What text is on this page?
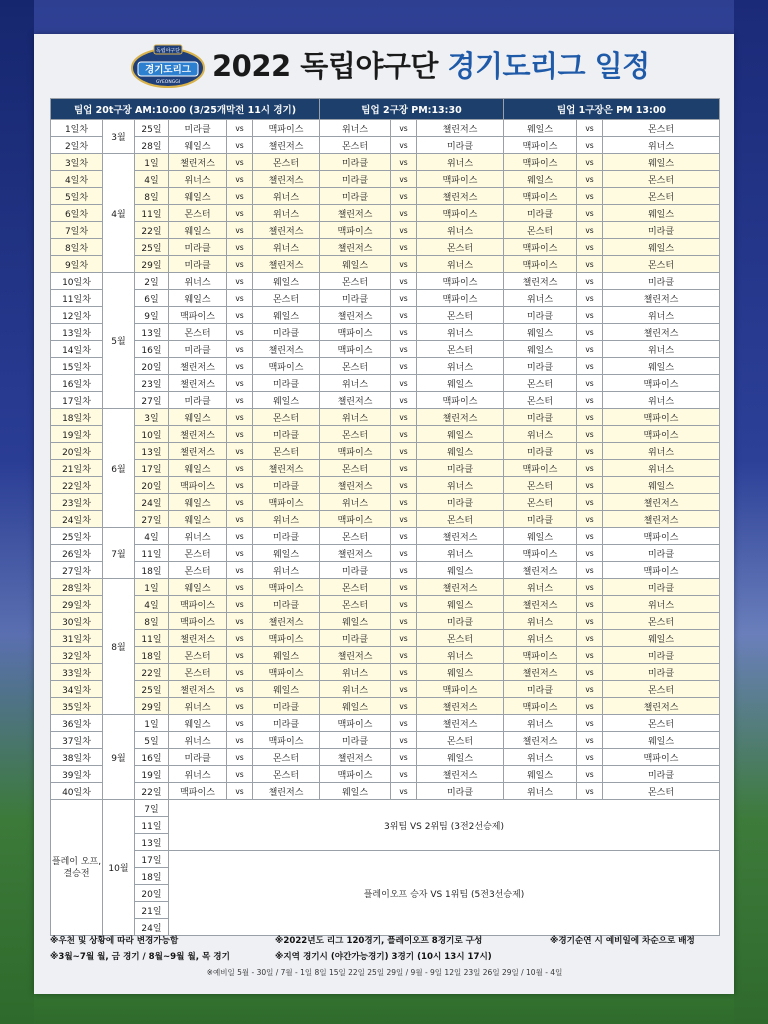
독립야구단
경기도리그
GYEONGGI 2022 독립야구단 경기도리그 일정
팀업 20t구장 AM:10:00 (3/25개막전 11시 경기)						팀업 2구장 PM:13:30			팀업 1구장은 PM 13:00		
1일차	3월	25일	미라클	vs	맥파이스	위너스	vs	챌린저스	웨일스	vs	몬스터
2일차		28일	웨일스	vs	챌린저스	몬스터	vs	미라클	맥파이스	vs	위너스
3일차	4월	1일	챌린저스	vs	몬스터	미라클	vs	위너스	맥파이스	vs	웨일스
4일차		4일	위너스	vs	챌린저스	미라클	vs	맥파이스	웨일스	vs	몬스터
5일차		8일	웨일스	vs	위너스	미라클	vs	챌린저스	맥파이스	vs	몬스터
6일차		11일	몬스터	vs	위너스	챌린저스	vs	맥파이스	미라클	vs	웨일스
7일차		22일	웨일스	vs	챌린저스	맥파이스	vs	위너스	몬스터	vs	미라클
8일차		25일	미라클	vs	위너스	챌린저스	vs	몬스터	맥파이스	vs	웨일스
9일차		29일	미라클	vs	챌린저스	웨일스	vs	위너스	맥파이스	vs	몬스터
10일차	5월	2일	위너스	vs	웨일스	몬스터	vs	맥파이스	챌린저스	vs	미라클
11일차		6일	웨일스	vs	몬스터	미라클	vs	맥파이스	위너스	vs	챌린저스
12일차		9일	맥파이스	vs	웨일스	챌린저스	vs	몬스터	미라클	vs	위너스
13일차		13일	몬스터	vs	미라클	맥파이스	vs	위너스	웨일스	vs	챌린저스
14일차		16일	미라클	vs	챌린저스	맥파이스	vs	몬스터	웨일스	vs	위너스
15일차		20일	챌린저스	vs	맥파이스	몬스터	vs	위너스	미라클	vs	웨일스
16일차		23일	챌린저스	vs	미라클	위너스	vs	웨일스	몬스터	vs	맥파이스
17일차		27일	미라클	vs	웨일스	챌린저스	vs	맥파이스	몬스터	vs	위너스
18일차	6월	3일	웨일스	vs	몬스터	위너스	vs	챌린저스	미라클	vs	맥파이스
19일차		10일	챌린저스	vs	미라클	몬스터	vs	웨일스	위너스	vs	맥파이스
20일차		13일	챌린저스	vs	몬스터	맥파이스	vs	웨일스	미라클	vs	위너스
21일차		17일	웨일스	vs	챌린저스	몬스터	vs	미라클	맥파이스	vs	위너스
22일차		20일	맥파이스	vs	미라클	챌린저스	vs	위너스	몬스터	vs	웨일스
23일차		24일	웨일스	vs	맥파이스	위너스	vs	미라클	몬스터	vs	챌린저스
24일차		27일	웨일스	vs	위너스	맥파이스	vs	몬스터	미라클	vs	챌린저스
25일차	7월	4일	위너스	vs	미라클	몬스터	vs	챌린저스	웨일스	vs	맥파이스
26일차		11일	몬스터	vs	웨일스	챌린저스	vs	위너스	맥파이스	vs	미라클
27일차		18일	몬스터	vs	위너스	미라클	vs	웨일스	챌린저스	vs	맥파이스
28일차	8월	1일	웨일스	vs	맥파이스	몬스터	vs	챌린저스	위너스	vs	미라클
29일차		4일	맥파이스	vs	미라클	몬스터	vs	웨일스	챌린저스	vs	위너스
30일차		8일	맥파이스	vs	챌린저스	웨일스	vs	미라클	위너스	vs	몬스터
31일차		11일	챌린저스	vs	맥파이스	미라클	vs	몬스터	위너스	vs	웨일스
32일차		18일	몬스터	vs	웨일스	챌린저스	vs	위너스	맥파이스	vs	미라클
33일차		22일	몬스터	vs	맥파이스	위너스	vs	웨일스	챌린저스	vs	미라클
34일차		25일	챌린저스	vs	웨일스	위너스	vs	맥파이스	미라클	vs	몬스터
35일차		29일	위너스	vs	미라클	웨일스	vs	챌린저스	맥파이스	vs	챌린저스
36일차	9월	1일	웨일스	vs	미라클	맥파이스	vs	챌린저스	위너스	vs	몬스터
37일차		5일	위너스	vs	맥파이스	미라클	vs	몬스터	챌린저스	vs	웨일스
38일차		16일	미라클	vs	몬스터	챌린저스	vs	웨일스	위너스	vs	맥파이스
39일차		19일	위너스	vs	몬스터	맥파이스	vs	챌린저스	웨일스	vs	미라클
40일차		22일	맥파이스	vs	챌린저스	웨일스	vs	미라클	위너스	vs	몬스터
플레이 오프, 결승전	10월	7일	3위팀 VS 2위팀 (3전2선승제)								
		11일									
		13일									
		17일	플레이오프 승자 VS 1위팀 (5전3선승제)								
		18일									
		20일									
		21일									
		24일									
※우천 및 상황에 따라 변경가능함	※2022년도 리그 120경기, 플레이오프 8경기로 구성	※경기순연 시 예비일에 차순으로 배정
※3월~7월 월, 금 경기 / 8월~9월 월, 목 경기	※지역 경기시 (야간가능경기) 3경기 (10시 13시 17시)
※예비일 5월 - 30일 / 7월 - 1일 8일 15일 22일 25일 29일 / 9월 - 9일 12일 23일 26일 29일 / 10월 - 4일
